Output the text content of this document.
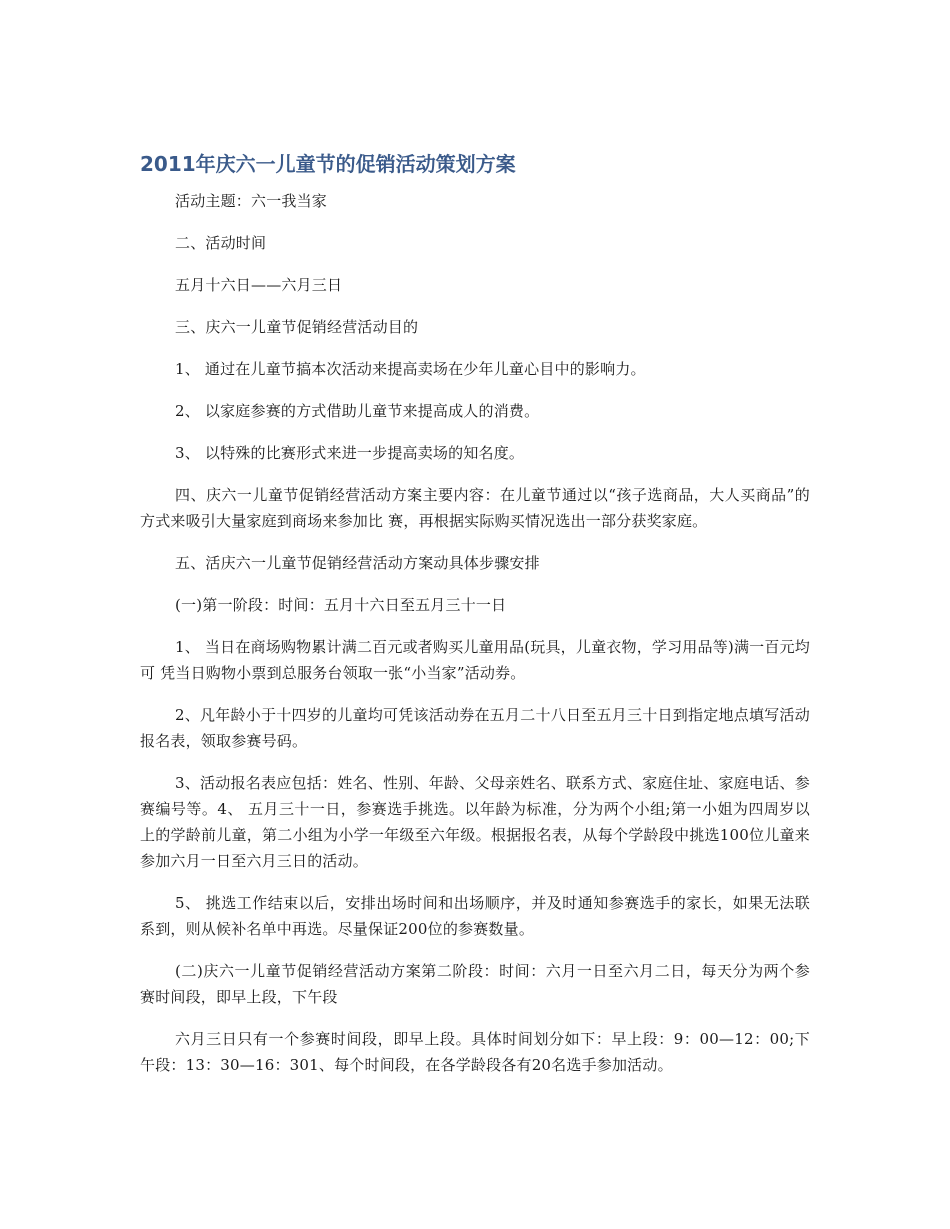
2011年庆六一儿童节的促销活动策划方案

活动主题：六一我当家

二、活动时间

五月十六日——六月三日

三、庆六一儿童节促销经营活动目的

1、 通过在儿童节搞本次活动来提高卖场在少年儿童心目中的影响力。

2、 以家庭参赛的方式借助儿童节来提高成人的消费。

3、 以特殊的比赛形式来进一步提高卖场的知名度。

四、庆六一儿童节促销经营活动方案主要内容：在儿童节通过以“孩子选商品，大人买商品”的方式来吸引大量家庭到商场来参加比 赛，再根据实际购买情况选出一部分获奖家庭。

五、活庆六一儿童节促销经营活动方案动具体步骤安排

(一)第一阶段：时间：五月十六日至五月三十一日

1、 当日在商场购物累计满二百元或者购买儿童用品(玩具，儿童衣物，学习用品等)满一百元均可 凭当日购物小票到总服务台领取一张“小当家”活动券。

2、凡年龄小于十四岁的儿童均可凭该活动券在五月二十八日至五月三十日到指定地点填写活动报名表，领取参赛号码。

3、活动报名表应包括：姓名、性别、年龄、父母亲姓名、联系方式、家庭住址、家庭电话、参赛编号等。4、 五月三十一日，参赛选手挑选。以年龄为标准，分为两个小组;第一小姐为四周岁以上的学龄前儿童，第二小组为小学一年级至六年级。根据报名表，从每个学龄段中挑选100位儿童来参加六月一日至六月三日的活动。

5、 挑选工作结束以后，安排出场时间和出场顺序，并及时通知参赛选手的家长，如果无法联系到，则从候补名单中再选。尽量保证200位的参赛数量。

(二)庆六一儿童节促销经营活动方案第二阶段：时间：六月一日至六月二日，每天分为两个参赛时间段，即早上段，下午段

六月三日只有一个参赛时间段，即早上段。具体时间划分如下：早上段：9：00—12：00;下午段：13：30—16：301、每个时间段，在各学龄段各有20名选手参加活动。
